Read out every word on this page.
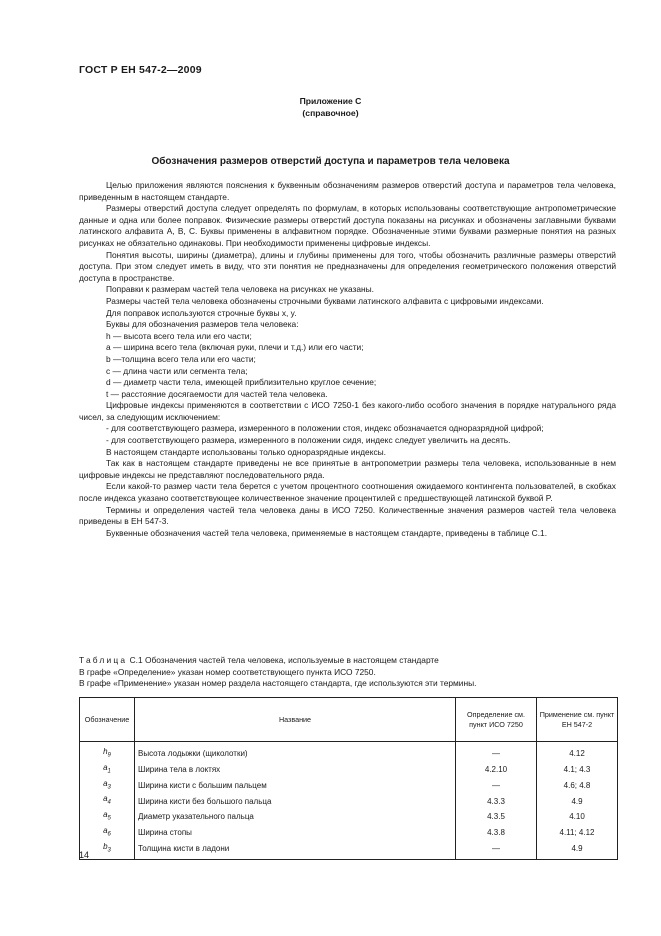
ГОСТ Р ЕН 547-2—2009
Приложение С
(справочное)
Обозначения размеров отверстий доступа и параметров тела человека

Целью приложения являются пояснения к буквенным обозначениям размеров отверстий доступа и параметров тела человека, приведенным в настоящем стандарте.

Размеры отверстий доступа следует определять по формулам, в которых использованы соответствующие антропометрические данные и одна или более поправок. Физические размеры отверстий доступа показаны на рисунках и обозначены заглавными буквами латинского алфавита A, B, C. Буквы применены в алфавитном порядке. Обозначенные этими буквами размерные понятия на разных рисунках не обязательно одинаковы. При необходимости применены цифровые индексы.

Понятия высоты, ширины (диаметра), длины и глубины применены для того, чтобы обозначить различные размеры отверстий доступа. При этом следует иметь в виду, что эти понятия не предназначены для определения геометрического положения отверстий доступа в пространстве.

Поправки к размерам частей тела человека на рисунках не указаны.

Размеры частей тела человека обозначены строчными буквами латинского алфавита с цифровыми индексами.

Для поправок используются строчные буквы x, y.

Буквы для обозначения размеров тела человека:

h — высота всего тела или его части;

a — ширина всего тела (включая руки, плечи и т.д.) или его части;

b —толщина всего тела или его части;

c — длина части или сегмента тела;

d — диаметр части тела, имеющей приблизительно круглое сечение;

t — расстояние досягаемости для частей тела человека.

Цифровые индексы применяются в соответствии с ИСО 7250-1 без какого-либо особого значения в порядке натурального ряда чисел, за следующим исключением:

- для соответствующего размера, измеренного в положении стоя, индекс обозначается одноразрядной цифрой;

- для соответствующего размера, измеренного в положении сидя, индекс следует увеличить на десять.

В настоящем стандарте использованы только одноразрядные индексы.

Так как в настоящем стандарте приведены не все принятые в антропометрии размеры тела человека, использованные в нем цифровые индексы не представляют последовательного ряда.

Если какой-то размер части тела берется с учетом процентного соотношения ожидаемого контингента пользователей, в скобках после индекса указано соответствующее количественное значение процентилей с предшествующей латинской буквой P.

Термины и определения частей тела человека даны в ИСО 7250. Количественные значения размеров частей тела человека приведены в ЕН 547-3.

Буквенные обозначения частей тела человека, применяемые в настоящем стандарте, приведены в таблице С.1.

Таблица С.1 Обозначения частей тела человека, используемые в настоящем стандарте
В графе «Определение» указан номер соответствующего пункта ИСО 7250.
В графе «Применение» указан номер раздела настоящего стандарта, где используются эти термины.
Обозначение	Название	Определение см. пункт ИСО 7250	Применение см. пункт ЕН 547-2
$h_9$	Высота лодыжки (щиколотки)	—	4.12
$a_1$	Ширина тела в локтях	4.2.10	4.1; 4.3
$a_3$	Ширина кисти с большим пальцем	—	4.6; 4.8
$a_4$	Ширина кисти без большого пальца	4.3.3	4.9
$a_5$	Диаметр указательного пальца	4.3.5	4.10
$a_6$	Ширина стопы	4.3.8	4.11; 4.12
$b_3$	Толщина кисти в ладони	—	4.9
14
